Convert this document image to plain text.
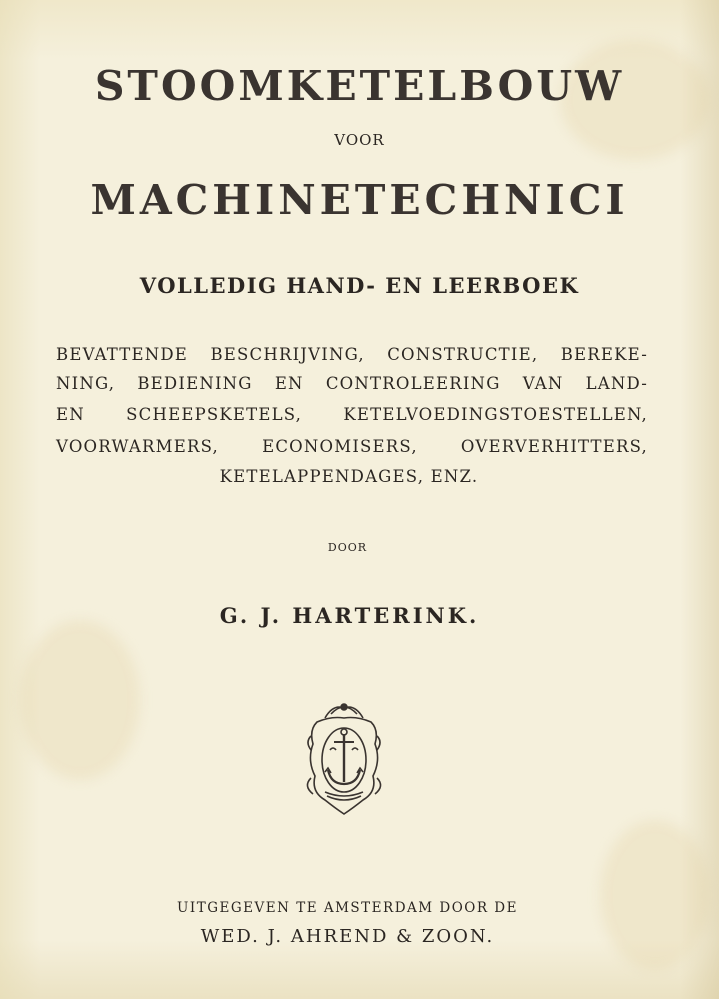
STOOMKETELBOUW
VOOR
MACHINETECHNICI
VOLLEDIG HAND- EN LEERBOEK
BEVATTENDE BESCHRIJVING, CONSTRUCTIE, BEREKE-
NING, BEDIENING EN CONTROLEERING VAN LAND-
EN SCHEEPSKETELS, KETELVOEDINGSTOESTELLEN,
VOORWARMERS, ECONOMISERS, OVERVERHITTERS,
KETELAPPENDAGES, ENZ.
DOOR
G. J. HARTERINK.
UITGEGEVEN TE AMSTERDAM DOOR DE
WED. J. AHREND & ZOON.
